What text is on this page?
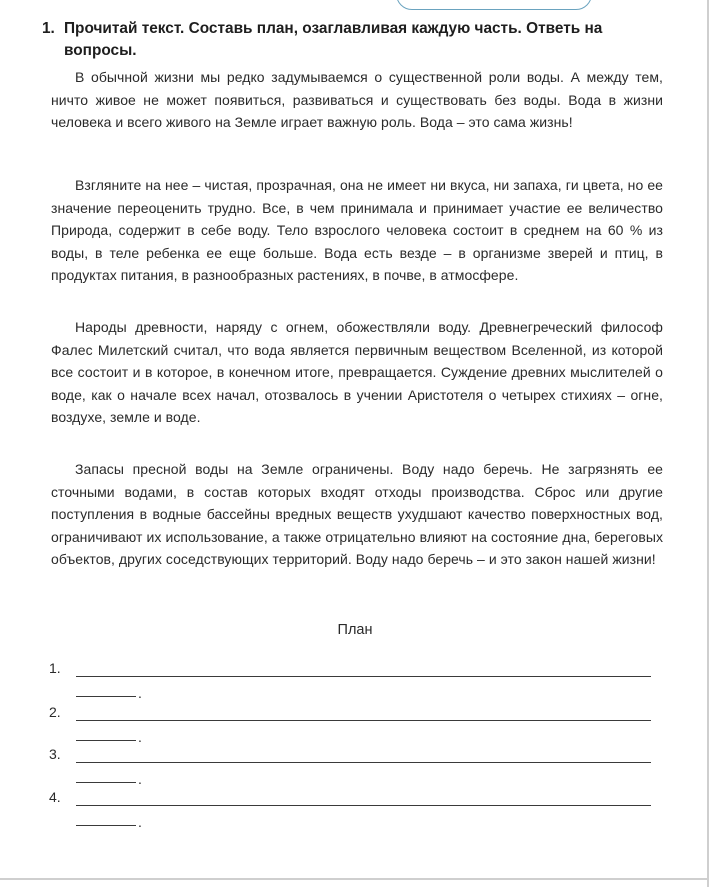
1. Прочитай текст. Составь план, озаглавливая каждую часть. Ответь на вопросы.

В обычной жизни мы редко задумываемся о существенной роли воды. А между тем, ничто живое не может появиться, развиваться и существовать без воды. Вода в жизни человека и всего живого на Земле играет важную роль. Вода – это сама жизнь!

Взгляните на нее – чистая, прозрачная, она не имеет ни вкуса, ни запаха, ги цвета, но ее значение переоценить трудно. Все, в чем принимала и принимает участие ее величество Природа, содержит в себе воду. Тело взрослого человека состоит в среднем на 60 % из воды, в теле ребенка ее еще больше. Вода есть везде – в организме зверей и птиц, в продуктах питания, в разнообразных растениях, в почве, в атмосфере.

Народы древности, наряду с огнем, обожествляли воду. Древнегреческий философ Фалес Милетский считал, что вода является первичным веществом Вселенной, из которой все состоит и в которое, в конечном итоге, превращается. Суждение древних мыслителей о воде, как о начале всех начал, отозвалось в учении Аристотеля о четырех стихиях – огне, воздухе, земле и воде.

Запасы пресной воды на Земле ограничены. Воду надо беречь. Не загрязнять ее сточными водами, в состав которых входят отходы производства. Сброс или другие поступления в водные бассейны вредных веществ ухудшают качество поверхностных вод, ограничивают их использование, а также отрицательно влияют на состояние дна, береговых объектов, других соседствующих территорий. Воду надо беречь – и это закон нашей жизни!

План
1.
.
2.
.
3.
.
4.
.
